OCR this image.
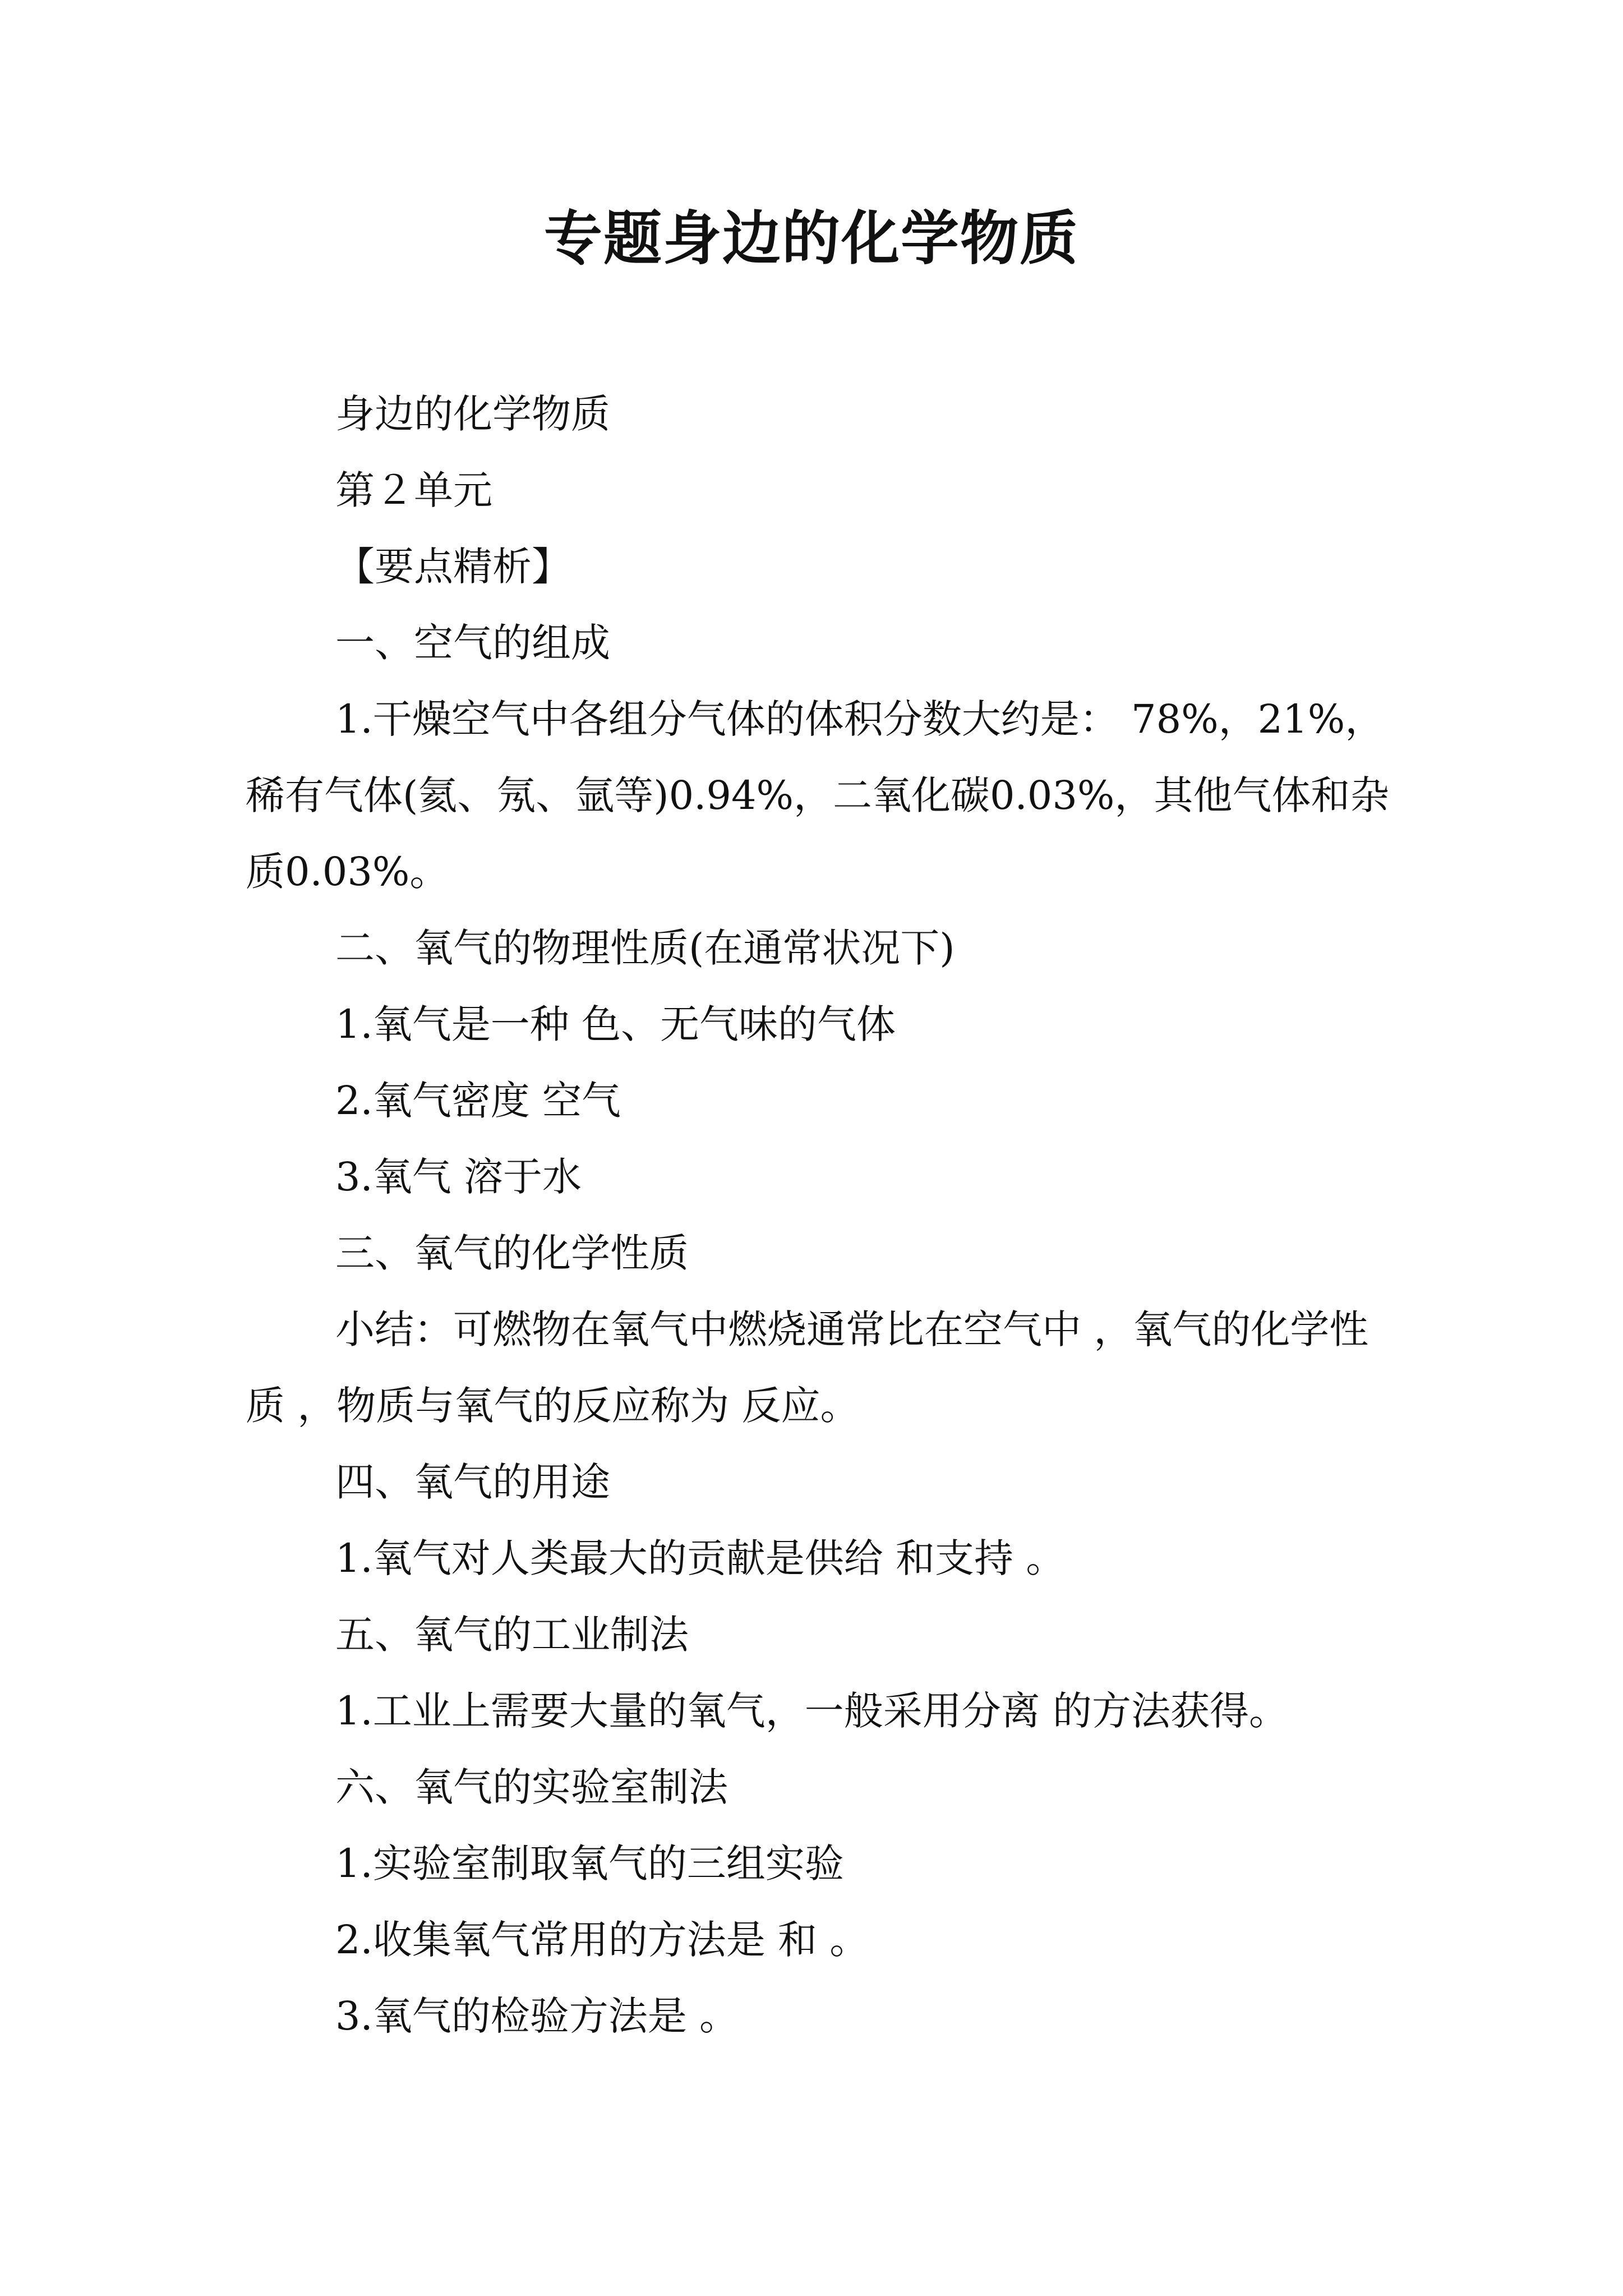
专题身边的化学物质

身边的化学物质

第２单元

【要点精析】

一、空气的组成

1.干燥空气中各组分气体的体积分数大约是： 78%，21%，稀有气体(氦、氖、氩等)0.94%，二氧化碳0.03%，其他气体和杂质0.03%。

二、氧气的物理性质(在通常状况下)

1.氧气是一种 色、无气味的气体

2.氧气密度 空气

3.氧气 溶于水

三、氧气的化学性质

小结：可燃物在氧气中燃烧通常比在空气中 ，氧气的化学性质 ，物质与氧气的反应称为 反应。

四、氧气的用途

1.氧气对人类最大的贡献是供给 和支持 。

五、氧气的工业制法

1.工业上需要大量的氧气，一般采用分离 的方法获得。

六、氧气的实验室制法

1.实验室制取氧气的三组实验

2.收集氧气常用的方法是 和 。

3.氧气的检验方法是 。
